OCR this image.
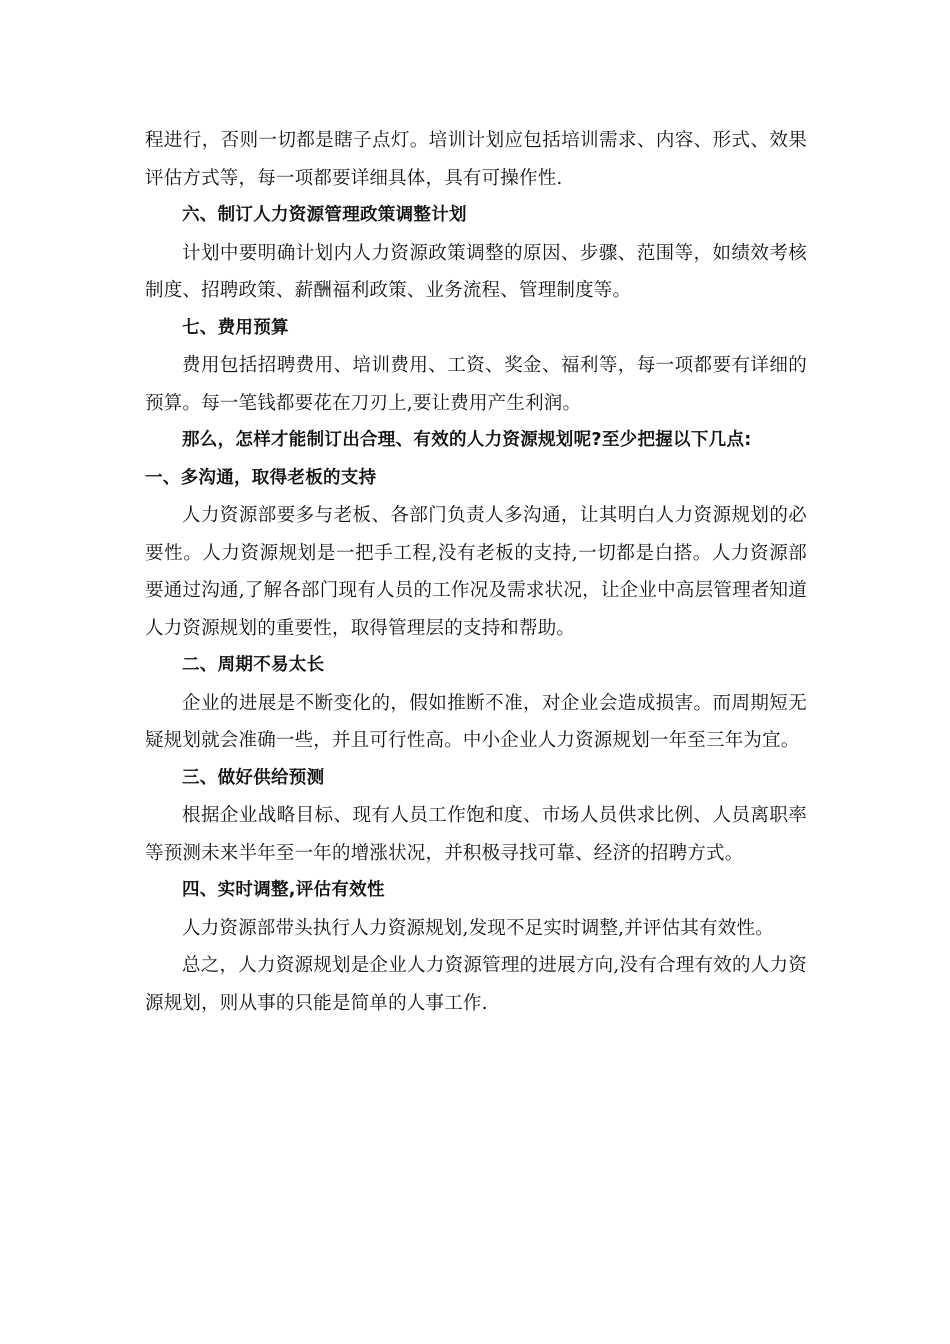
程进行，否则一切都是瞎子点灯。培训计划应包括培训需求、内容、形式、效果评估方式等，每一项都要详细具体，具有可操作性.

六、制订人力资源管理政策调整计划

计划中要明确计划内人力资源政策调整的原因、步骤、范围等，如绩效考核制度、招聘政策、薪酬福利政策、业务流程、管理制度等。

七、费用预算

费用包括招聘费用、培训费用、工资、奖金、福利等，每一项都要有详细的预算。每一笔钱都要花在刀刃上,要让费用产生利润。

那么，怎样才能制订出合理、有效的人力资源规划呢?至少把握以下几点:

一、多沟通，取得老板的支持

人力资源部要多与老板、各部门负责人多沟通，让其明白人力资源规划的必要性。人力资源规划是一把手工程,没有老板的支持,一切都是白搭。人力资源部要通过沟通,了解各部门现有人员的工作况及需求状况，让企业中高层管理者知道人力资源规划的重要性，取得管理层的支持和帮助。

二、周期不易太长

企业的进展是不断变化的，假如推断不准，对企业会造成损害。而周期短无疑规划就会准确一些，并且可行性高。中小企业人力资源规划一年至三年为宜。

三、做好供给预测

根据企业战略目标、现有人员工作饱和度、市场人员供求比例、人员离职率等预测未来半年至一年的增涨状况，并积极寻找可靠、经济的招聘方式。

四、实时调整,评估有效性

人力资源部带头执行人力资源规划,发现不足实时调整,并评估其有效性。

总之，人力资源规划是企业人力资源管理的进展方向,没有合理有效的人力资源规划，则从事的只能是简单的人事工作.
